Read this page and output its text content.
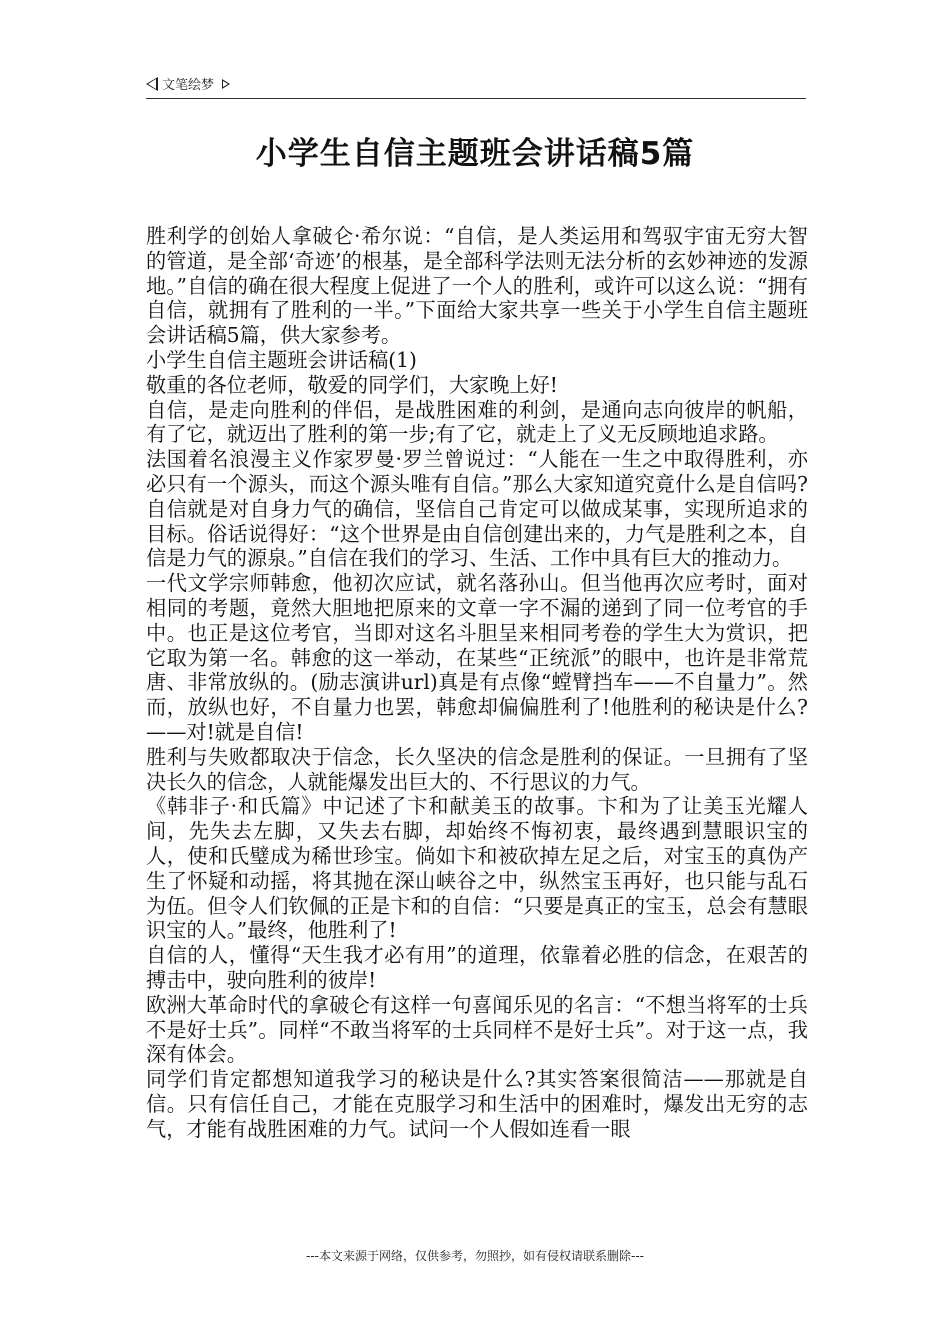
文笔绘梦
小学生自信主题班会讲话稿5篇

胜利学的创始人拿破仑·希尔说：“自信，是人类运用和驾驭宇宙无穷大智的管道，是全部‘奇迹’的根基，是全部科学法则无法分析的玄妙神迹的发源地。”自信的确在很大程度上促进了一个人的胜利，或许可以这么说：“拥有自信，就拥有了胜利的一半。”下面给大家共享一些关于小学生自信主题班会讲话稿5篇，供大家参考。

小学生自信主题班会讲话稿(1)

敬重的各位老师，敬爱的同学们，大家晚上好!

自信，是走向胜利的伴侣，是战胜困难的利剑，是通向志向彼岸的帆船，有了它，就迈出了胜利的第一步;有了它，就走上了义无反顾地追求路。

法国着名浪漫主义作家罗曼·罗兰曾说过：“人能在一生之中取得胜利，亦必只有一个源头，而这个源头唯有自信。”那么大家知道究竟什么是自信吗?自信就是对自身力气的确信，坚信自己肯定可以做成某事，实现所追求的目标。俗话说得好：“这个世界是由自信创建出来的，力气是胜利之本，自信是力气的源泉。”自信在我们的学习、生活、工作中具有巨大的推动力。

一代文学宗师韩愈，他初次应试，就名落孙山。但当他再次应考时，面对相同的考题，竟然大胆地把原来的文章一字不漏的递到了同一位考官的手中。也正是这位考官，当即对这名斗胆呈来相同考卷的学生大为赏识，把它取为第一名。韩愈的这一举动，在某些“正统派”的眼中，也许是非常荒唐、非常放纵的。(励志演讲url)真是有点像“螳臂挡车——不自量力”。然而，放纵也好，不自量力也罢，韩愈却偏偏胜利了!他胜利的秘诀是什么?——对!就是自信!

胜利与失败都取决于信念，长久坚决的信念是胜利的保证。一旦拥有了坚决长久的信念，人就能爆发出巨大的、不行思议的力气。

《韩非子·和氏篇》中记述了卞和献美玉的故事。卞和为了让美玉光耀人间，先失去左脚，又失去右脚，却始终不悔初衷，最终遇到慧眼识宝的人，使和氏璧成为稀世珍宝。倘如卞和被砍掉左足之后，对宝玉的真伪产生了怀疑和动摇，将其抛在深山峡谷之中，纵然宝玉再好，也只能与乱石为伍。但令人们钦佩的正是卞和的自信：“只要是真正的宝玉，总会有慧眼识宝的人。”最终，他胜利了!

自信的人，懂得“天生我才必有用”的道理，依靠着必胜的信念，在艰苦的搏击中，驶向胜利的彼岸!

欧洲大革命时代的拿破仑有这样一句喜闻乐见的名言：“不想当将军的士兵不是好士兵”。同样“不敢当将军的士兵同样不是好士兵”。对于这一点，我深有体会。

同学们肯定都想知道我学习的秘诀是什么?其实答案很简洁——那就是自信。只有信任自己，才能在克服学习和生活中的困难时，爆发出无穷的志气，才能有战胜困难的力气。试问一个人假如连看一眼

---本文来源于网络，仅供参考，勿照抄，如有侵权请联系删除---
